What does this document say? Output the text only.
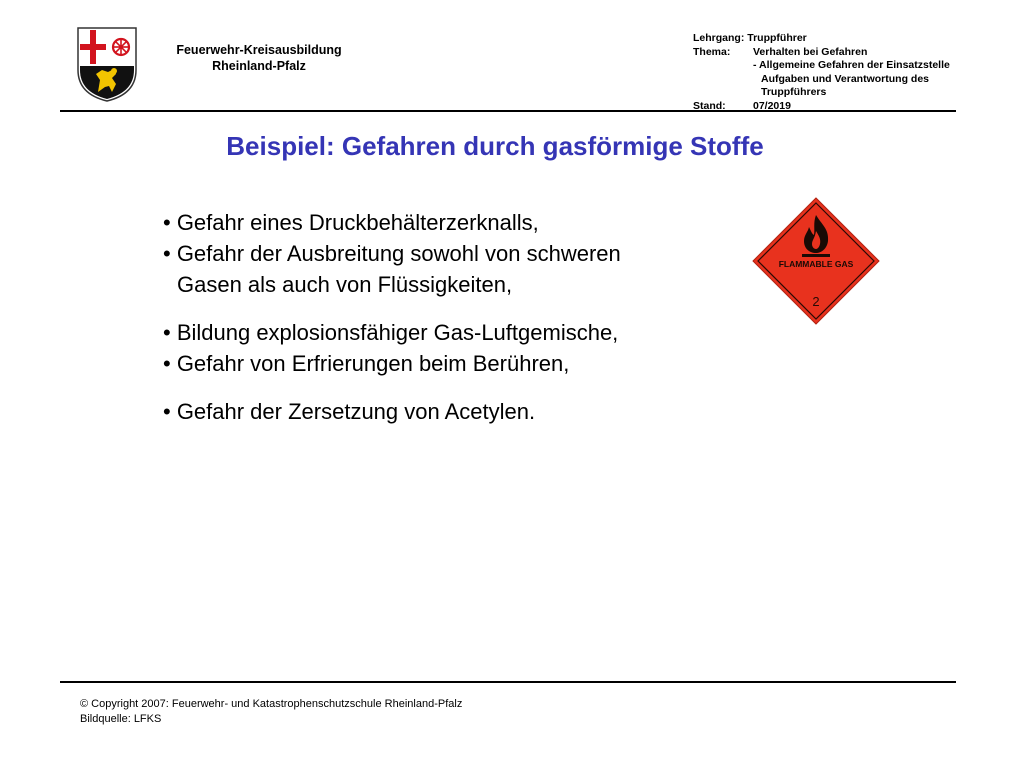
Feuerwehr-Kreisausbildung
Rheinland-Pfalz
Lehrgang:
Truppführer
Thema:	Verhalten bei Gefahren
- Allgemeine Gefahren der Einsatzstelle
Aufgaben und Verantwortung des
Truppführers
Stand:	07/2019
Beispiel: Gefahren durch gasförmige Stoffe
• Gefahr eines Druckbehälterzerknalls,
• Gefahr der Ausbreitung sowohl von schweren
Gasen als auch von Flüssigkeiten,
• Bildung explosionsfähiger Gas-Luftgemische,
• Gefahr von Erfrierungen beim Berühren,
• Gefahr der Zersetzung von Acetylen.
FLAMMABLE GAS
2
© Copyright 2007: Feuerwehr- und Katastrophenschutzschule Rheinland-Pfalz
Bildquelle: LFKS
